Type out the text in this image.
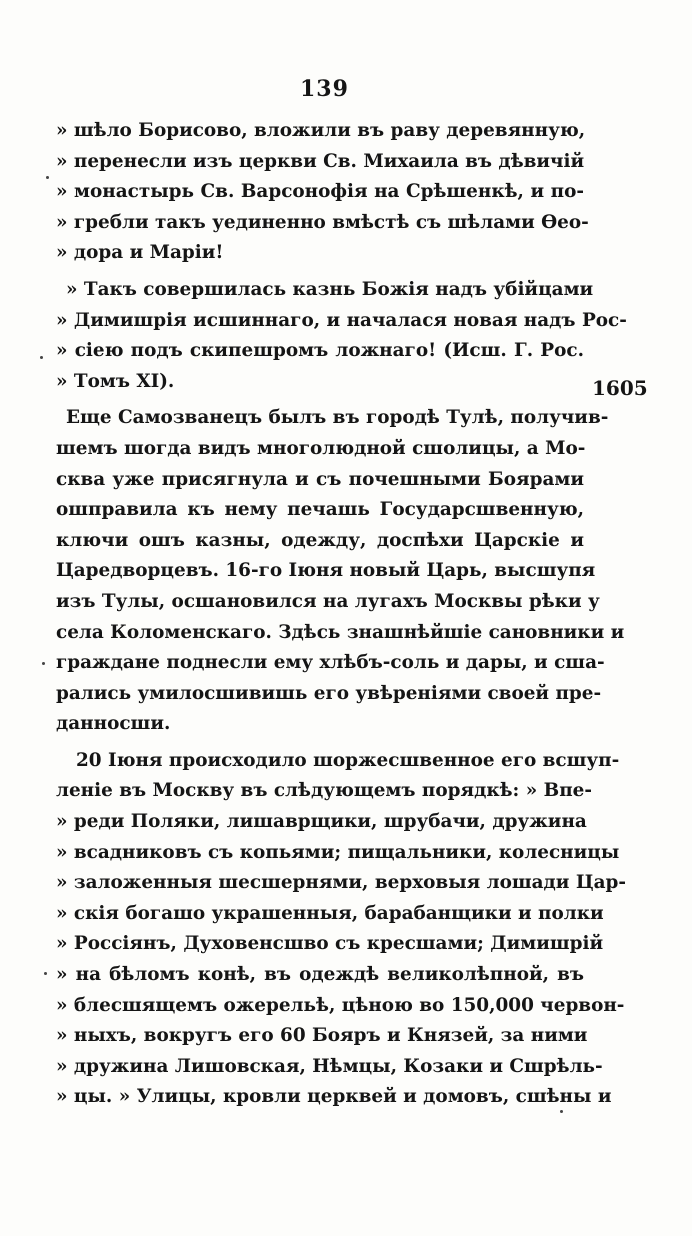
139
1605
» шѣло Борисово, вложили въ раву деревянную,
» перенесли изъ церкви Св. Михаила въ дѣвичій
» монастырь Св. Варсонофія на Срѣшенкѣ, и по-
» гребли такъ уединенно вмѣстѣ съ шѣлами Ѳео-
» дора и Маріи!
» Такъ совершилась казнь Божія надъ убійцами
» Димишрія исшиннаго, и началася новая надъ Рос-
» сіею подъ скипешромъ ложнаго! (Исш. Г. Рос.
» Томъ XI).
Еще Самозванецъ былъ въ городѣ Тулѣ, получив-
шемъ шогда видъ многолюдной сшолицы, а Мо-
сква уже присягнула и съ почешными Боярами
ошправила къ нему печашь Государсшвенную,
ключи ошъ казны, одежду, доспѣхи Царскіе и
Царедворцевъ. 16-го Іюня новый Царь, высшупя
изъ Тулы, осшановился на лугахъ Москвы рѣки у
села Коломенскаго. Здѣсь знашнѣйшіе сановники и
граждане поднесли ему хлѣбъ-соль и дары, и сша-
рались умилосшивишь его увѣреніями своей пре-
данносши.
20 Іюня происходило шоржесшвенное его всшуп-
леніе въ Москву въ слѣдующемъ порядкѣ: » Впе-
» реди Поляки, лишаврщики, шрубачи, дружина
» всадниковъ съ копьями; пищальники, колесницы
» заложенныя шесшернями, верховыя лошади Цар-
» скія богашо украшенныя, барабанщики и полки
» Россіянъ, Духовенсшво съ кресшами; Димишрій
» на бѣломъ конѣ, въ одеждѣ великолѣпной, въ
» блесшящемъ ожерельѣ, цѣною во 150,000 червон-
» ныхъ, вокругъ его 60 Бояръ и Князей, за ними
» дружина Лишовская, Нѣмцы, Козаки и Сшрѣль-
» цы. » Улицы, кровли церквей и домовъ, сшѣны и
